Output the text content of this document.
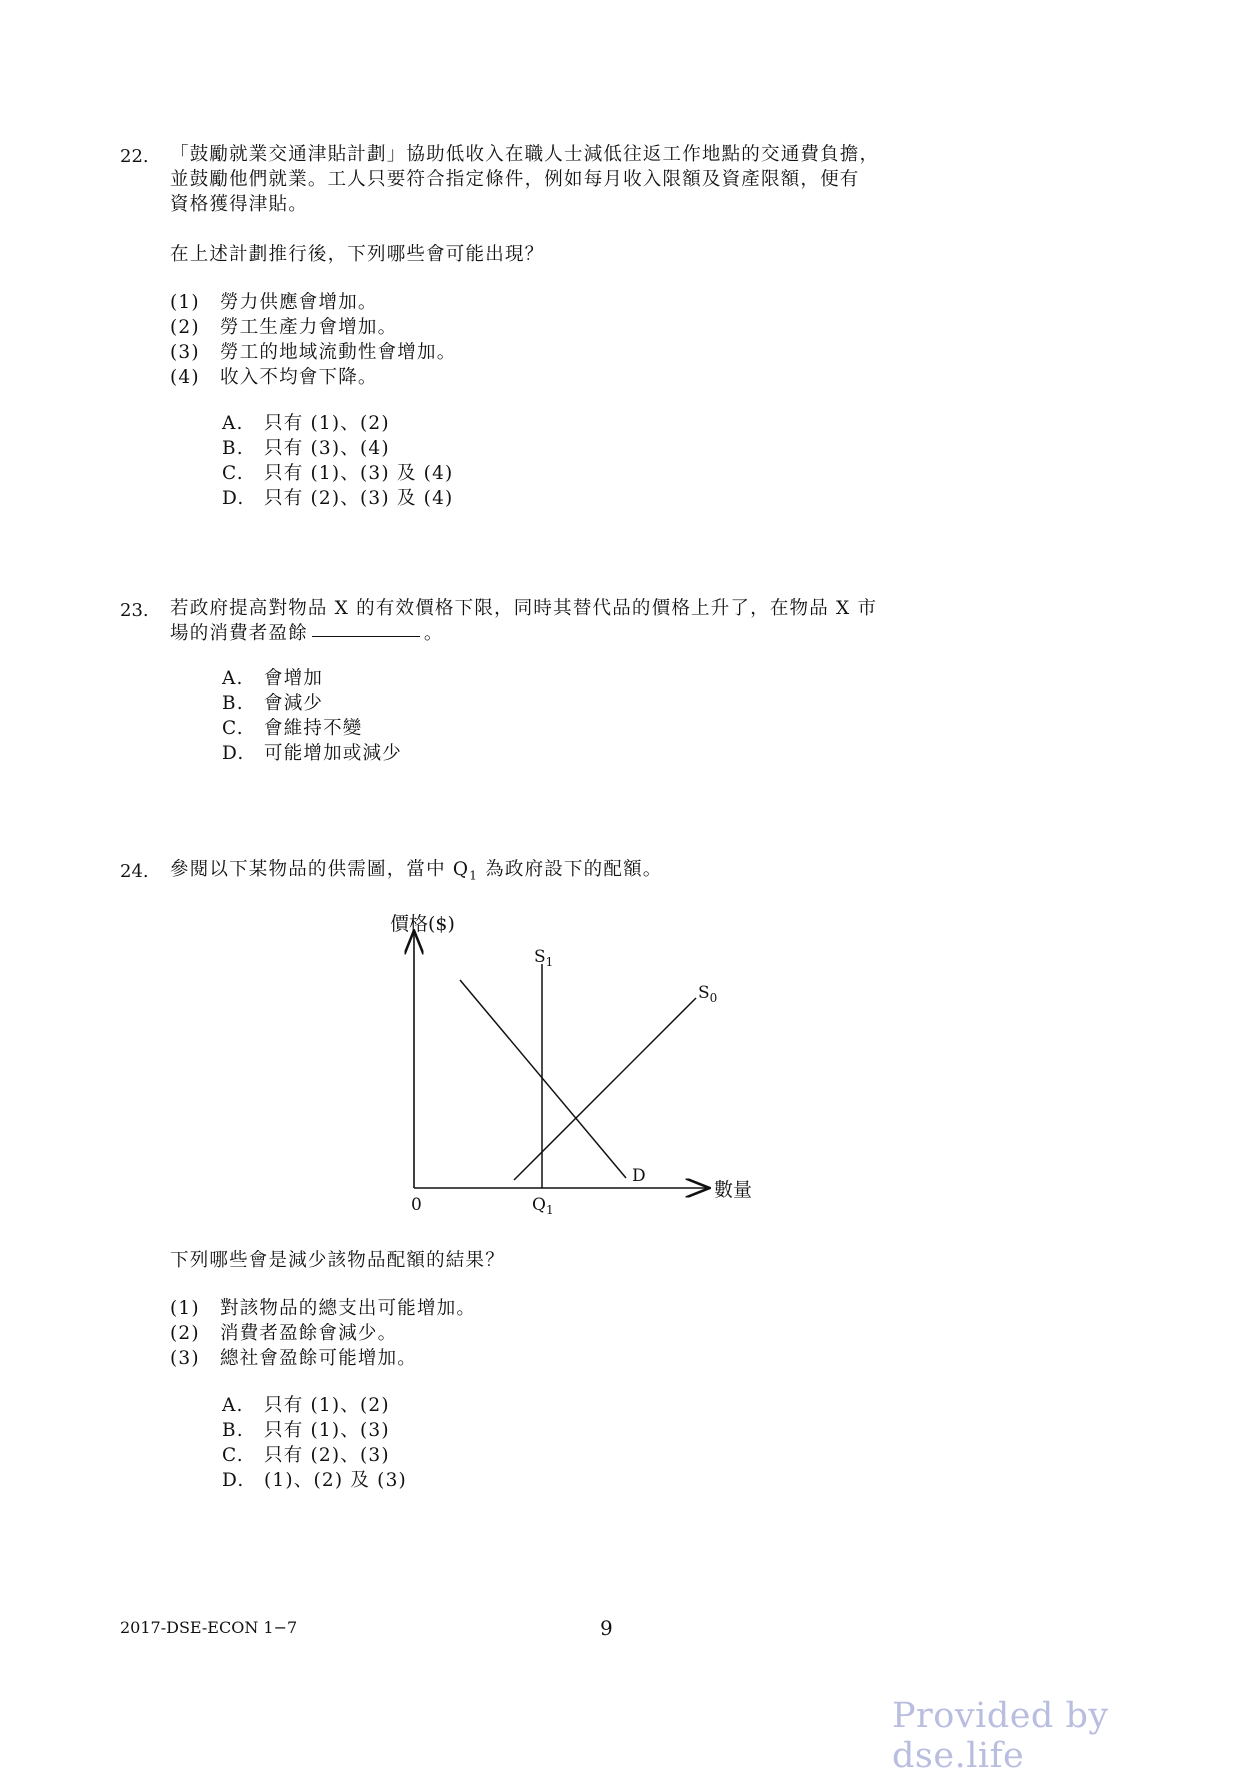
22. 「鼓勵就業交通津貼計劃」協助低收入在職人士減低往返工作地點的交通費負擔，
並鼓勵他們就業。工人只要符合指定條件，例如每月收入限額及資產限額，便有
資格獲得津貼。
在上述計劃推行後，下列哪些會可能出現？
(1) 勞力供應會增加。
(2) 勞工生產力會增加。
(3) 勞工的地域流動性會增加。
(4) 收入不均會下降。
A. 只有 (1)、(2)
B. 只有 (3)、(4)
C. 只有 (1)、(3) 及 (4)
D. 只有 (2)、(3) 及 (4)
23. 若政府提高對物品 X 的有效價格下限，同時其替代品的價格上升了，在物品 X 市
場的消費者盈餘	。
A. 會增加
B. 會減少
C. 會維持不變
D. 可能增加或減少
24. 參閱以下某物品的供需圖，當中 $Q_1$ 為政府設下的配額。
價格($)
數量
0
$S_1$
$S_0$
D
$Q_1$
下列哪些會是減少該物品配額的結果？
(1) 對該物品的總支出可能增加。
(2) 消費者盈餘會減少。
(3) 總社會盈餘可能增加。
A. 只有 (1)、(2)
B. 只有 (1)、(3)
C. 只有 (2)、(3)
D. (1)、(2) 及 (3)
2017-DSE-ECON 1−7	9
Provided by dse.life
